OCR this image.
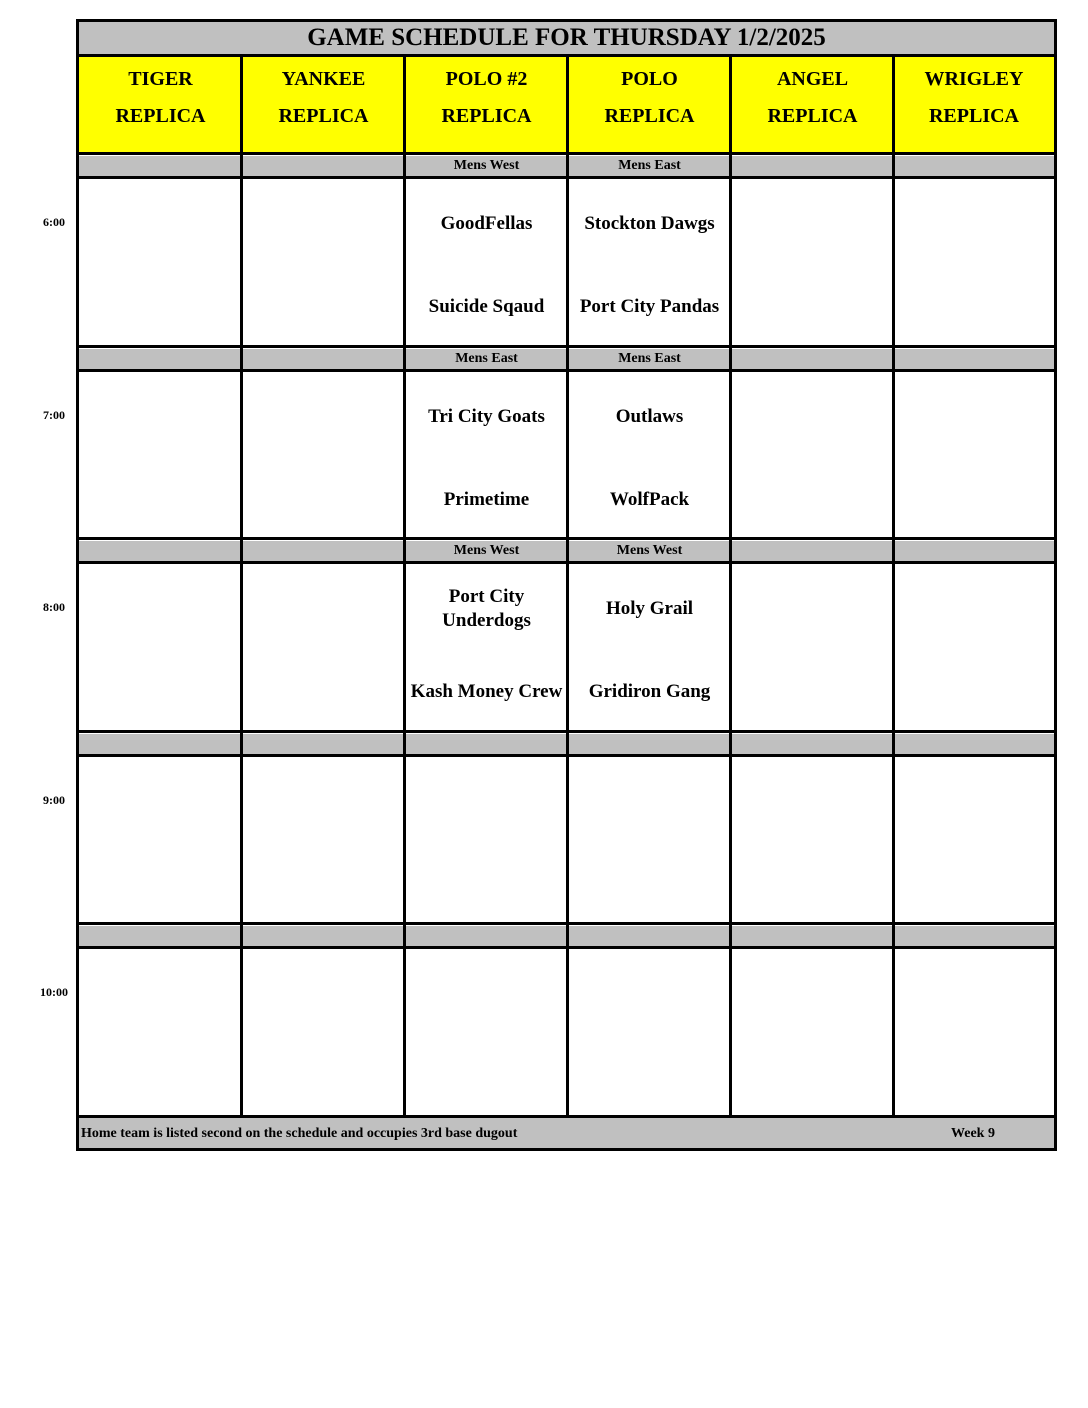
GAME SCHEDULE FOR THURSDAY 1/2/2025
TIGER
REPLICA
YANKEE
REPLICA
POLO #2
REPLICA
POLO
REPLICA
ANGEL
REPLICA
WRIGLEY
REPLICA
Mens West
GoodFellas
Suicide Sqaud
Mens East
Stockton Dawgs
Port City Pandas
6:00
Mens East
Tri City Goats
Primetime
Mens East
Outlaws
WolfPack
7:00
Mens West
Port City Underdogs
Kash Money Crew
Mens West
Holy Grail
Gridiron Gang
8:00
9:00
10:00
Home team is listed second on the schedule and occupies 3rd base dugout	Week 9
